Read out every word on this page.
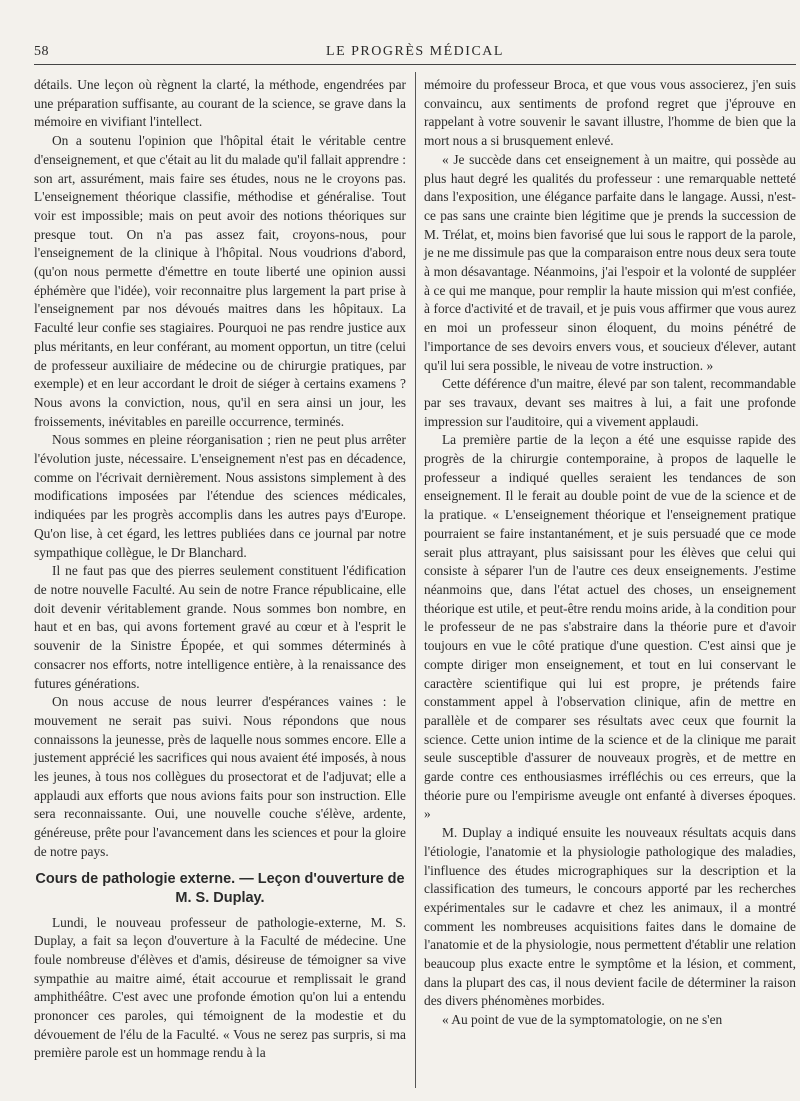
58	LE PROGRÈS MÉDICAL

détails. Une leçon où règnent la clarté, la méthode, engendrées par une préparation suffisante, au courant de la science, se grave dans la mémoire en vivifiant l'intellect.

On a soutenu l'opinion que l'hôpital était le véritable centre d'enseignement, et que c'était au lit du malade qu'il fallait apprendre : son art, assurément, mais faire ses études, nous ne le croyons pas. L'enseignement théorique classifie, méthodise et généralise. Tout voir est impossible; mais on peut avoir des notions théoriques sur presque tout. On n'a pas assez fait, croyons-nous, pour l'enseignement de la clinique à l'hôpital. Nous voudrions d'abord, (qu'on nous permette d'émettre en toute liberté une opinion aussi éphémère que l'idée), voir reconnaitre plus largement la part prise à l'enseignement par nos dévoués maitres dans les hôpitaux. La Faculté leur confie ses stagiaires. Pourquoi ne pas rendre justice aux plus méritants, en leur conférant, au moment opportun, un titre (celui de professeur auxiliaire de médecine ou de chirurgie pratiques, par exemple) et en leur accordant le droit de siéger à certains examens ? Nous avons la conviction, nous, qu'il en sera ainsi un jour, les froissements, inévitables en pareille occurrence, terminés.

Nous sommes en pleine réorganisation ; rien ne peut plus arrêter l'évolution juste, nécessaire. L'enseignement n'est pas en décadence, comme on l'écrivait dernièrement. Nous assistons simplement à des modifications imposées par l'étendue des sciences médicales, indiquées par les progrès accomplis dans les autres pays d'Europe. Qu'on lise, à cet égard, les lettres publiées dans ce journal par notre sympathique collègue, le Dr Blanchard.

Il ne faut pas que des pierres seulement constituent l'édification de notre nouvelle Faculté. Au sein de notre France républicaine, elle doit devenir véritablement grande. Nous sommes bon nombre, en haut et en bas, qui avons fortement gravé au cœur et à l'esprit le souvenir de la Sinistre Épopée, et qui sommes déterminés à consacrer nos efforts, notre intelligence entière, à la renaissance des futures générations.

On nous accuse de nous leurrer d'espérances vaines : le mouvement ne serait pas suivi. Nous répondons que nous connaissons la jeunesse, près de laquelle nous sommes encore. Elle a justement apprécié les sacrifices qui nous avaient été imposés, à nous les jeunes, à tous nos collègues du prosectorat et de l'adjuvat; elle a applaudi aux efforts que nous avions faits pour son instruction. Elle sera reconnaissante. Oui, une nouvelle couche s'élève, ardente, généreuse, prête pour l'avancement dans les sciences et pour la gloire de notre pays.

Cours de pathologie externe. — Leçon d'ouverture de M. S. Duplay.

Lundi, le nouveau professeur de pathologie-externe, M. S. Duplay, a fait sa leçon d'ouverture à la Faculté de médecine. Une foule nombreuse d'élèves et d'amis, désireuse de témoigner sa vive sympathie au maitre aimé, était accourue et remplissait le grand amphithéâtre. C'est avec une profonde émotion qu'on lui a entendu prononcer ces paroles, qui témoignent de la modestie et du dévouement de l'élu de la Faculté. « Vous ne serez pas surpris, si ma première parole est un hommage rendu à la

mémoire du professeur Broca, et que vous vous associerez, j'en suis convaincu, aux sentiments de profond regret que j'éprouve en rappelant à votre souvenir le savant illustre, l'homme de bien que la mort nous a si brusquement enlevé.

« Je succède dans cet enseignement à un maitre, qui possède au plus haut degré les qualités du professeur : une remarquable netteté dans l'exposition, une élégance parfaite dans le langage. Aussi, n'est-ce pas sans une crainte bien légitime que je prends la succession de M. Trélat, et, moins bien favorisé que lui sous le rapport de la parole, je ne me dissimule pas que la comparaison entre nous deux sera toute à mon désavantage. Néanmoins, j'ai l'espoir et la volonté de suppléer à ce qui me manque, pour remplir la haute mission qui m'est confiée, à force d'activité et de travail, et je puis vous affirmer que vous aurez en moi un professeur sinon éloquent, du moins pénétré de l'importance de ses devoirs envers vous, et soucieux d'élever, autant qu'il lui sera possible, le niveau de votre instruction. »

Cette déférence d'un maitre, élevé par son talent, recommandable par ses travaux, devant ses maitres à lui, a fait une profonde impression sur l'auditoire, qui a vivement applaudi.

La première partie de la leçon a été une esquisse rapide des progrès de la chirurgie contemporaine, à propos de laquelle le professeur a indiqué quelles seraient les tendances de son enseignement. Il le ferait au double point de vue de la science et de la pratique. « L'enseignement théorique et l'enseignement pratique pourraient se faire instantanément, et je suis persuadé que ce mode serait plus attrayant, plus saisissant pour les élèves que celui qui consiste à séparer l'un de l'autre ces deux enseignements. J'estime néanmoins que, dans l'état actuel des choses, un enseignement théorique est utile, et peut-être rendu moins aride, à la condition pour le professeur de ne pas s'abstraire dans la théorie pure et d'avoir toujours en vue le côté pratique d'une question. C'est ainsi que je compte diriger mon enseignement, et tout en lui conservant le caractère scientifique qui lui est propre, je prétends faire constamment appel à l'observation clinique, afin de mettre en parallèle et de comparer ses résultats avec ceux que fournit la science. Cette union intime de la science et de la clinique me parait seule susceptible d'assurer de nouveaux progrès, et de mettre en garde contre ces enthousiasmes irréfléchis ou ces erreurs, que la théorie pure ou l'empirisme aveugle ont enfanté à diverses époques. »

M. Duplay a indiqué ensuite les nouveaux résultats acquis dans l'étiologie, l'anatomie et la physiologie pathologique des maladies, l'influence des études micrographiques sur la description et la classification des tumeurs, le concours apporté par les recherches expérimentales sur le cadavre et chez les animaux, il a montré comment les nombreuses acquisitions faites dans le domaine de l'anatomie et de la physiologie, nous permettent d'établir une relation beaucoup plus exacte entre le symptôme et la lésion, et comment, dans la plupart des cas, il nous devient facile de déterminer la raison des divers phénomènes morbides.

« Au point de vue de la symptomatologie, on ne s'en
